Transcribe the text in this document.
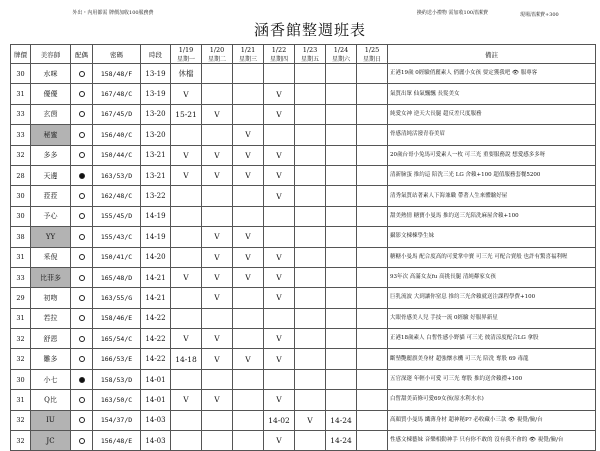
外出・內用都需 牌價加收100服務費
涵香館整週班表
換約送小禮物 需加收100清潔費	現場清潔費+300
牌價	美容師	配偶	密碼	時段	1/19	1/20	1/21	1/22	1/23	1/24	1/25	備註
					星期一	星期二	星期三	星期四	星期五	星期六	星期日	
30	水咪		158/48/F	13-19	休檔							正港19歲 0經驗俏麗素人 俏麗小女孩 要定獲我吧 👁 服專客
31	優優		167/48/C	13-19	V			V				氣質出眾 仙氣飄飄 長髮美女
33	玄茵		167/45/D	13-20	15-21	V		V				純愛女神 逆天大長腿 超反差尺度服務
33	秘蜜		156/40/C	13-20			V					骨感清純活潑青春美眉
32	多多		150/44/C	13-21	V	V	V	V				20歲台哥小兔馬可愛素人一枚 可三光 重要服務說 想愛感多多呀
28	天邊		163/53/D	13-21	V	V	V	V				清新臉蛋 推約這 陪洗三光 LG 舍賴+100 超值服務套餐5200
30	菈菈		162/48/C	13-22				V				清秀氣質站著素人下海兼職 帶著人生來體驗好屋
30	予心		155/45/D	14-19								甜美熱情 糖寶小曼馬 推約送三光陪洗麻屋舍賴+100
38	YY		155/43/C	14-19		V	V					攝影文棟棟學生妹
31	釆倪		150/41/C	14-20		V	V	V				糖糖小曼馬 配合度高的可愛掌中寶 可三光 可配合賣般 也許有驚喜福利喔
33	比菲多		165/48/D	14-21	V	V	V	V				93年次 高滿女友fu 高挑長腿 清純鄰家女孩
29	初吻		163/55/G	14-21		V		V				巨乳流波 大到讓你窒息 推約三光舍賴就送注課程學費+100
31	若拉		158/46/E	14-22								大眼骨感美人兒 手技一流 0經驗 好服界新星
32	舒恩		165/54/C	14-22	V	V		V				正港18歲素人 白皙性感小野貓 可三光 彼清涼度配合LG 拿股
32	雛多		166/53/E	14-22	14-18	V	V	V				斷墊艷麗旗美身材 超強懷水機 可三光 陪洗 奪股 69 毒龍
30	小七		158/53/D	14-01								五官深邃 年輕小可愛 可三光 奪股 推約送舍賴禮+100
31	Q比		163/50/C	14-01	V	V		V				白皙甜美苗條可愛69女孩(原水利水水)
32	IU		154/37/D	14-03				14-02	V	14-24		高顏質小曼馬 纖薄身材 超神秘P? 必收藏小三款 👁 視覺/臉/台
32	JC		156/48/E	14-03				V		14-24		性感文棟藝妹 音樂相動神手 只有你不敢的 沒有我不會的 👁 視覺/臉/台
